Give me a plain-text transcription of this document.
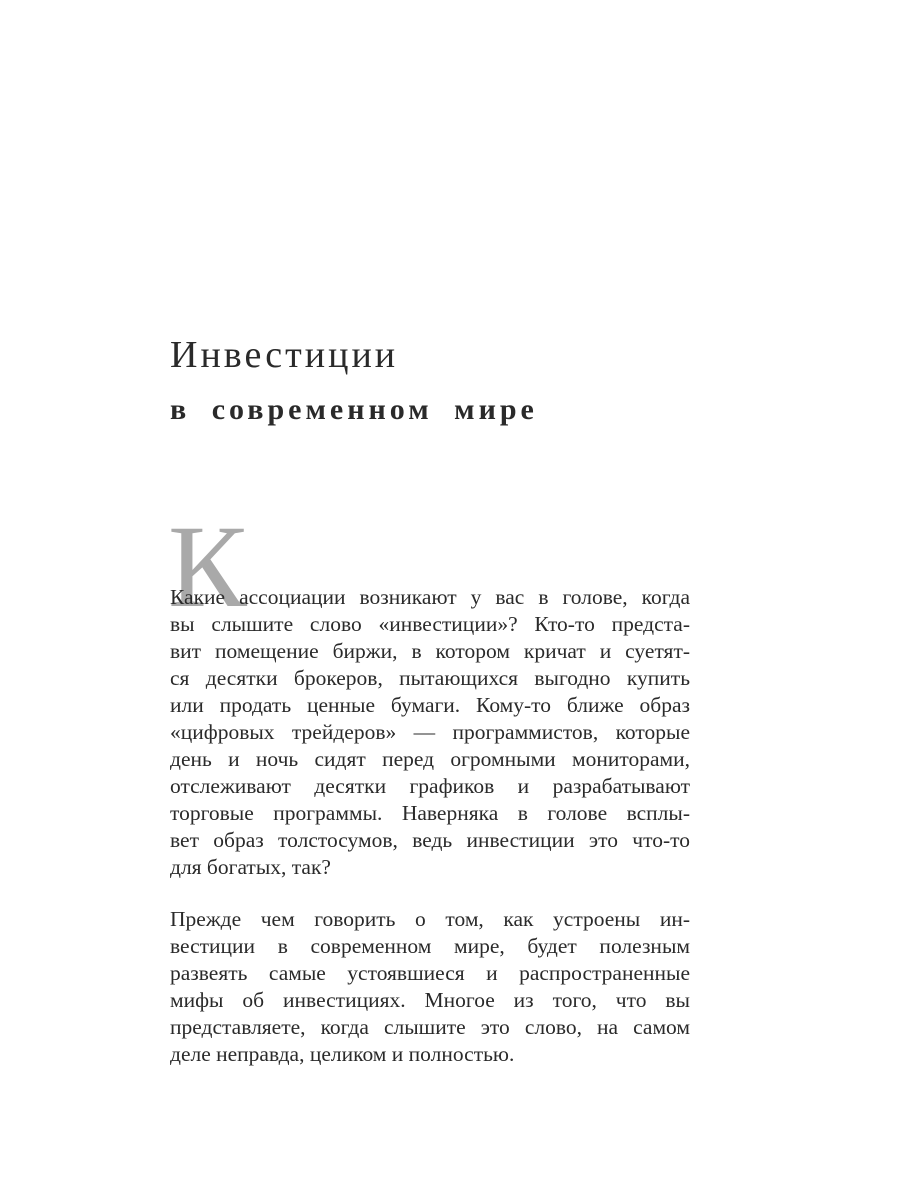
Инвестиции
в современном мире
К
Какие ассоциации возникают у вас в голове, когда
вы слышите слово «инвестиции»? Кто-то предста-
вит помещение биржи, в котором кричат и суетят-
ся десятки брокеров, пытающихся выгодно купить
или продать ценные бумаги. Кому-то ближе образ
«цифровых трейдеров» — программистов, которые
день и ночь сидят перед огромными мониторами,
отслеживают десятки графиков и разрабатывают
торговые программы. Наверняка в голове всплы-
вет образ толстосумов, ведь инвестиции это что-то
для богатых, так?
Прежде чем говорить о том, как устроены ин-
вестиции в современном мире, будет полезным
развеять самые устоявшиеся и распространенные
мифы об инвестициях. Многое из того, что вы
представляете, когда слышите это слово, на самом
деле неправда, целиком и полностью.
